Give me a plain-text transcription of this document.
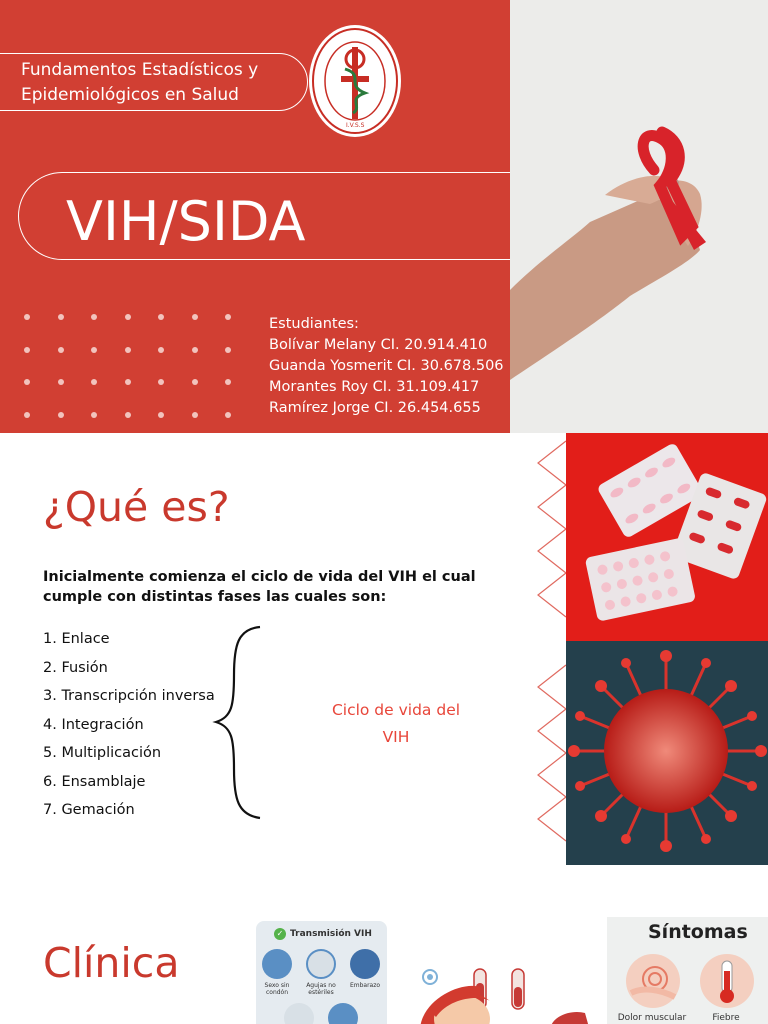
Fundamentos Estadísticos y
Epidemiológicos en Salud
I.V.S.S
VIH/SIDA
Estudiantes:
Bolívar Melany CI. 20.914.410
Guanda Yosmerit CI. 30.678.506
Morantes Roy CI. 31.109.417
Ramírez Jorge CI. 26.454.655
¿Qué es?

Inicialmente comienza el ciclo de vida del VIH el cual cumple con distintas fases las cuales son:

1. Enlace
2. Fusión
3. Transcripción inversa
4. Integración
5. Multiplicación
6. Ensamblaje
7. Gemación
Ciclo de vida del
VIH
Clínica
✓ Transmisión VIH
Sexo sin condón
Agujas no estériles
Embarazo
Síntomas
Dolor muscular	Fiebre
